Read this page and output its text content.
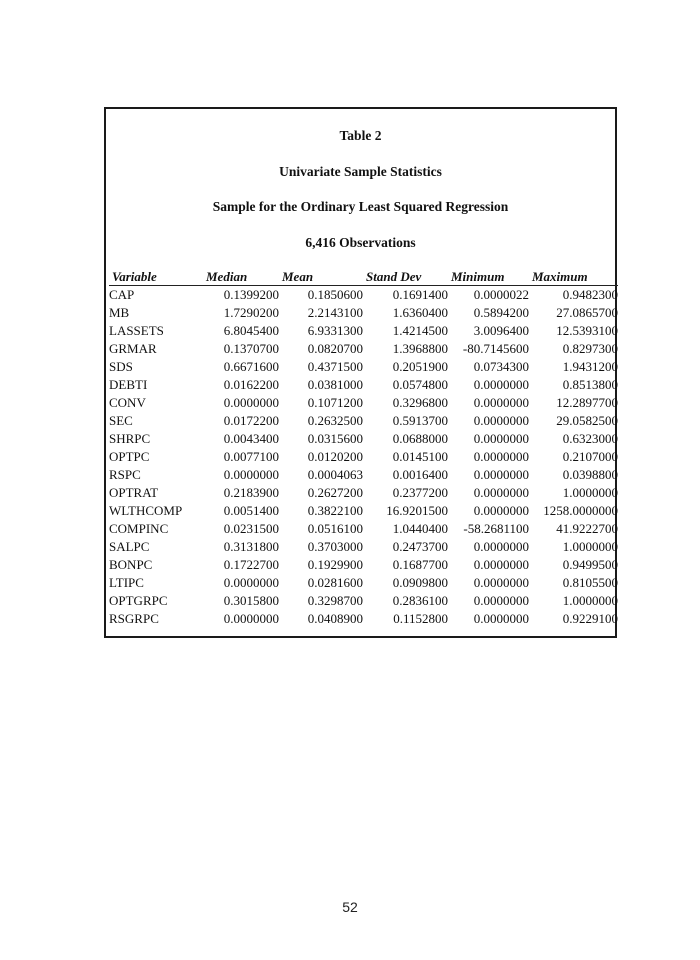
Table 2

Univariate Sample Statistics

Sample for the Ordinary Least Squared Regression

6,416 Observations

Variable	Median	Mean	Stand Dev	Minimum	Maximum
CAP	0.1399200	0.1850600	0.1691400	0.0000022	0.9482300
MB	1.7290200	2.2143100	1.6360400	0.5894200	27.0865700
LASSETS	6.8045400	6.9331300	1.4214500	3.0096400	12.5393100
GRMAR	0.1370700	0.0820700	1.3968800	-80.7145600	0.8297300
SDS	0.6671600	0.4371500	0.2051900	0.0734300	1.9431200
DEBTI	0.0162200	0.0381000	0.0574800	0.0000000	0.8513800
CONV	0.0000000	0.1071200	0.3296800	0.0000000	12.2897700
SEC	0.0172200	0.2632500	0.5913700	0.0000000	29.0582500
SHRPC	0.0043400	0.0315600	0.0688000	0.0000000	0.6323000
OPTPC	0.0077100	0.0120200	0.0145100	0.0000000	0.2107000
RSPC	0.0000000	0.0004063	0.0016400	0.0000000	0.0398800
OPTRAT	0.2183900	0.2627200	0.2377200	0.0000000	1.0000000
WLTHCOMP	0.0051400	0.3822100	16.9201500	0.0000000	1258.0000000
COMPINC	0.0231500	0.0516100	1.0440400	-58.2681100	41.9222700
SALPC	0.3131800	0.3703000	0.2473700	0.0000000	1.0000000
BONPC	0.1722700	0.1929900	0.1687700	0.0000000	0.9499500
LTIPC	0.0000000	0.0281600	0.0909800	0.0000000	0.8105500
OPTGRPC	0.3015800	0.3298700	0.2836100	0.0000000	1.0000000
RSGRPC	0.0000000	0.0408900	0.1152800	0.0000000	0.9229100
52
